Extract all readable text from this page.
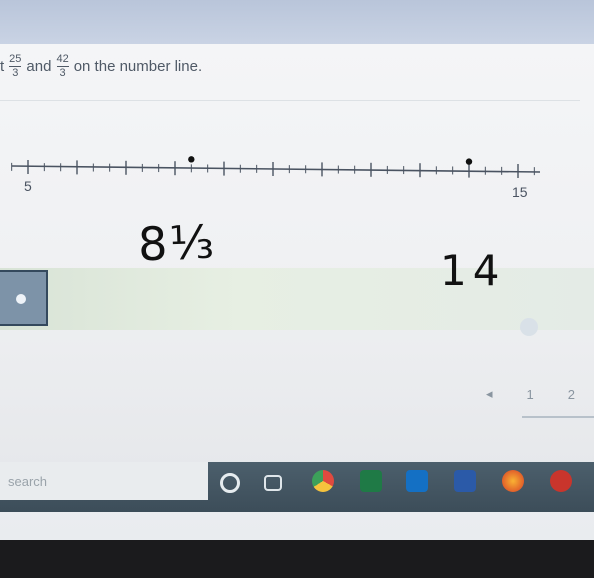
t $\frac{25}{3}$ and $\frac{42}{3}$ on the number line.
5	15
◂	1	2
search
8⅓	14
